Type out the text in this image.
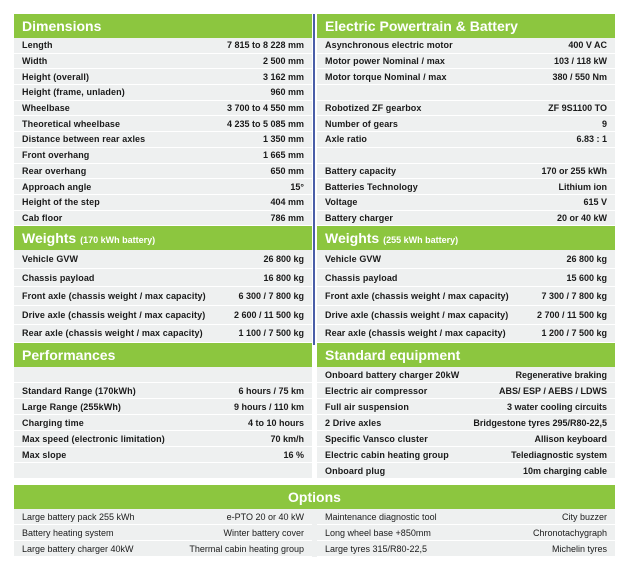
Dimensions
Length	7 815 to 8 228 mm
Width	2 500 mm
Height (overall)	3 162 mm
Height (frame, unladen)	960 mm
Wheelbase	3 700 to 4 550 mm
Theoretical wheelbase	4 235 to 5 085 mm
Distance between rear axles	1 350 mm
Front overhang	1 665 mm
Rear overhang	650 mm
Approach angle	15°
Height of the step	404 mm
Cab floor	786 mm
Electric Powertrain & Battery
Asynchronous electric motor	400 V AC
Motor power Nominal / max	103 / 118 kW
Motor torque Nominal / max	380 / 550 Nm
Robotized ZF gearbox	ZF 9S1100 TO
Number of gears	9
Axle ratio	6.83 : 1
Battery capacity	170 or 255 kWh
Batteries Technology	Lithium ion
Voltage	615 V
Battery charger	20 or 40 kW
Weights (170 kWh battery)
Vehicle GVW	26 800 kg
Chassis payload	16 800 kg
Front axle (chassis weight / max capacity)	6 300 / 7 800 kg
Drive axle (chassis weight / max capacity)	2 600 / 11 500 kg
Rear axle (chassis weight / max capacity)	1 100 / 7 500 kg
Weights (255 kWh battery)
Vehicle GVW	26 800 kg
Chassis payload	15 600 kg
Front axle (chassis weight / max capacity)	7 300 / 7 800 kg
Drive axle (chassis weight / max capacity)	2 700 / 11 500 kg
Rear axle (chassis weight / max capacity)	1 200 / 7 500 kg
Performances
Standard Range (170kWh)	6 hours / 75 km
Large Range (255kWh)	9 hours / 110 km
Charging time	4 to 10 hours
Max speed (electronic limitation)	70 km/h
Max slope	16 %
Standard equipment
Onboard battery charger 20kW	Regenerative braking
Electric air compressor	ABS/ ESP / AEBS / LDWS
Full air suspension	3 water cooling circuits
2 Drive axles	Bridgestone tyres 295/R80-22,5
Specific Vansco cluster	Allison keyboard
Electric cabin heating group	Telediagnostic system
Onboard plug	10m charging cable
Options
Large battery pack 255 kWh	e-PTO 20 or 40 kW
Battery heating system	Winter battery cover
Large battery charger 40kW	Thermal cabin heating group
Maintenance diagnostic tool	City buzzer
Long wheel base +850mm	Chronotachygraph
Large tyres 315/R80-22,5	Michelin tyres
